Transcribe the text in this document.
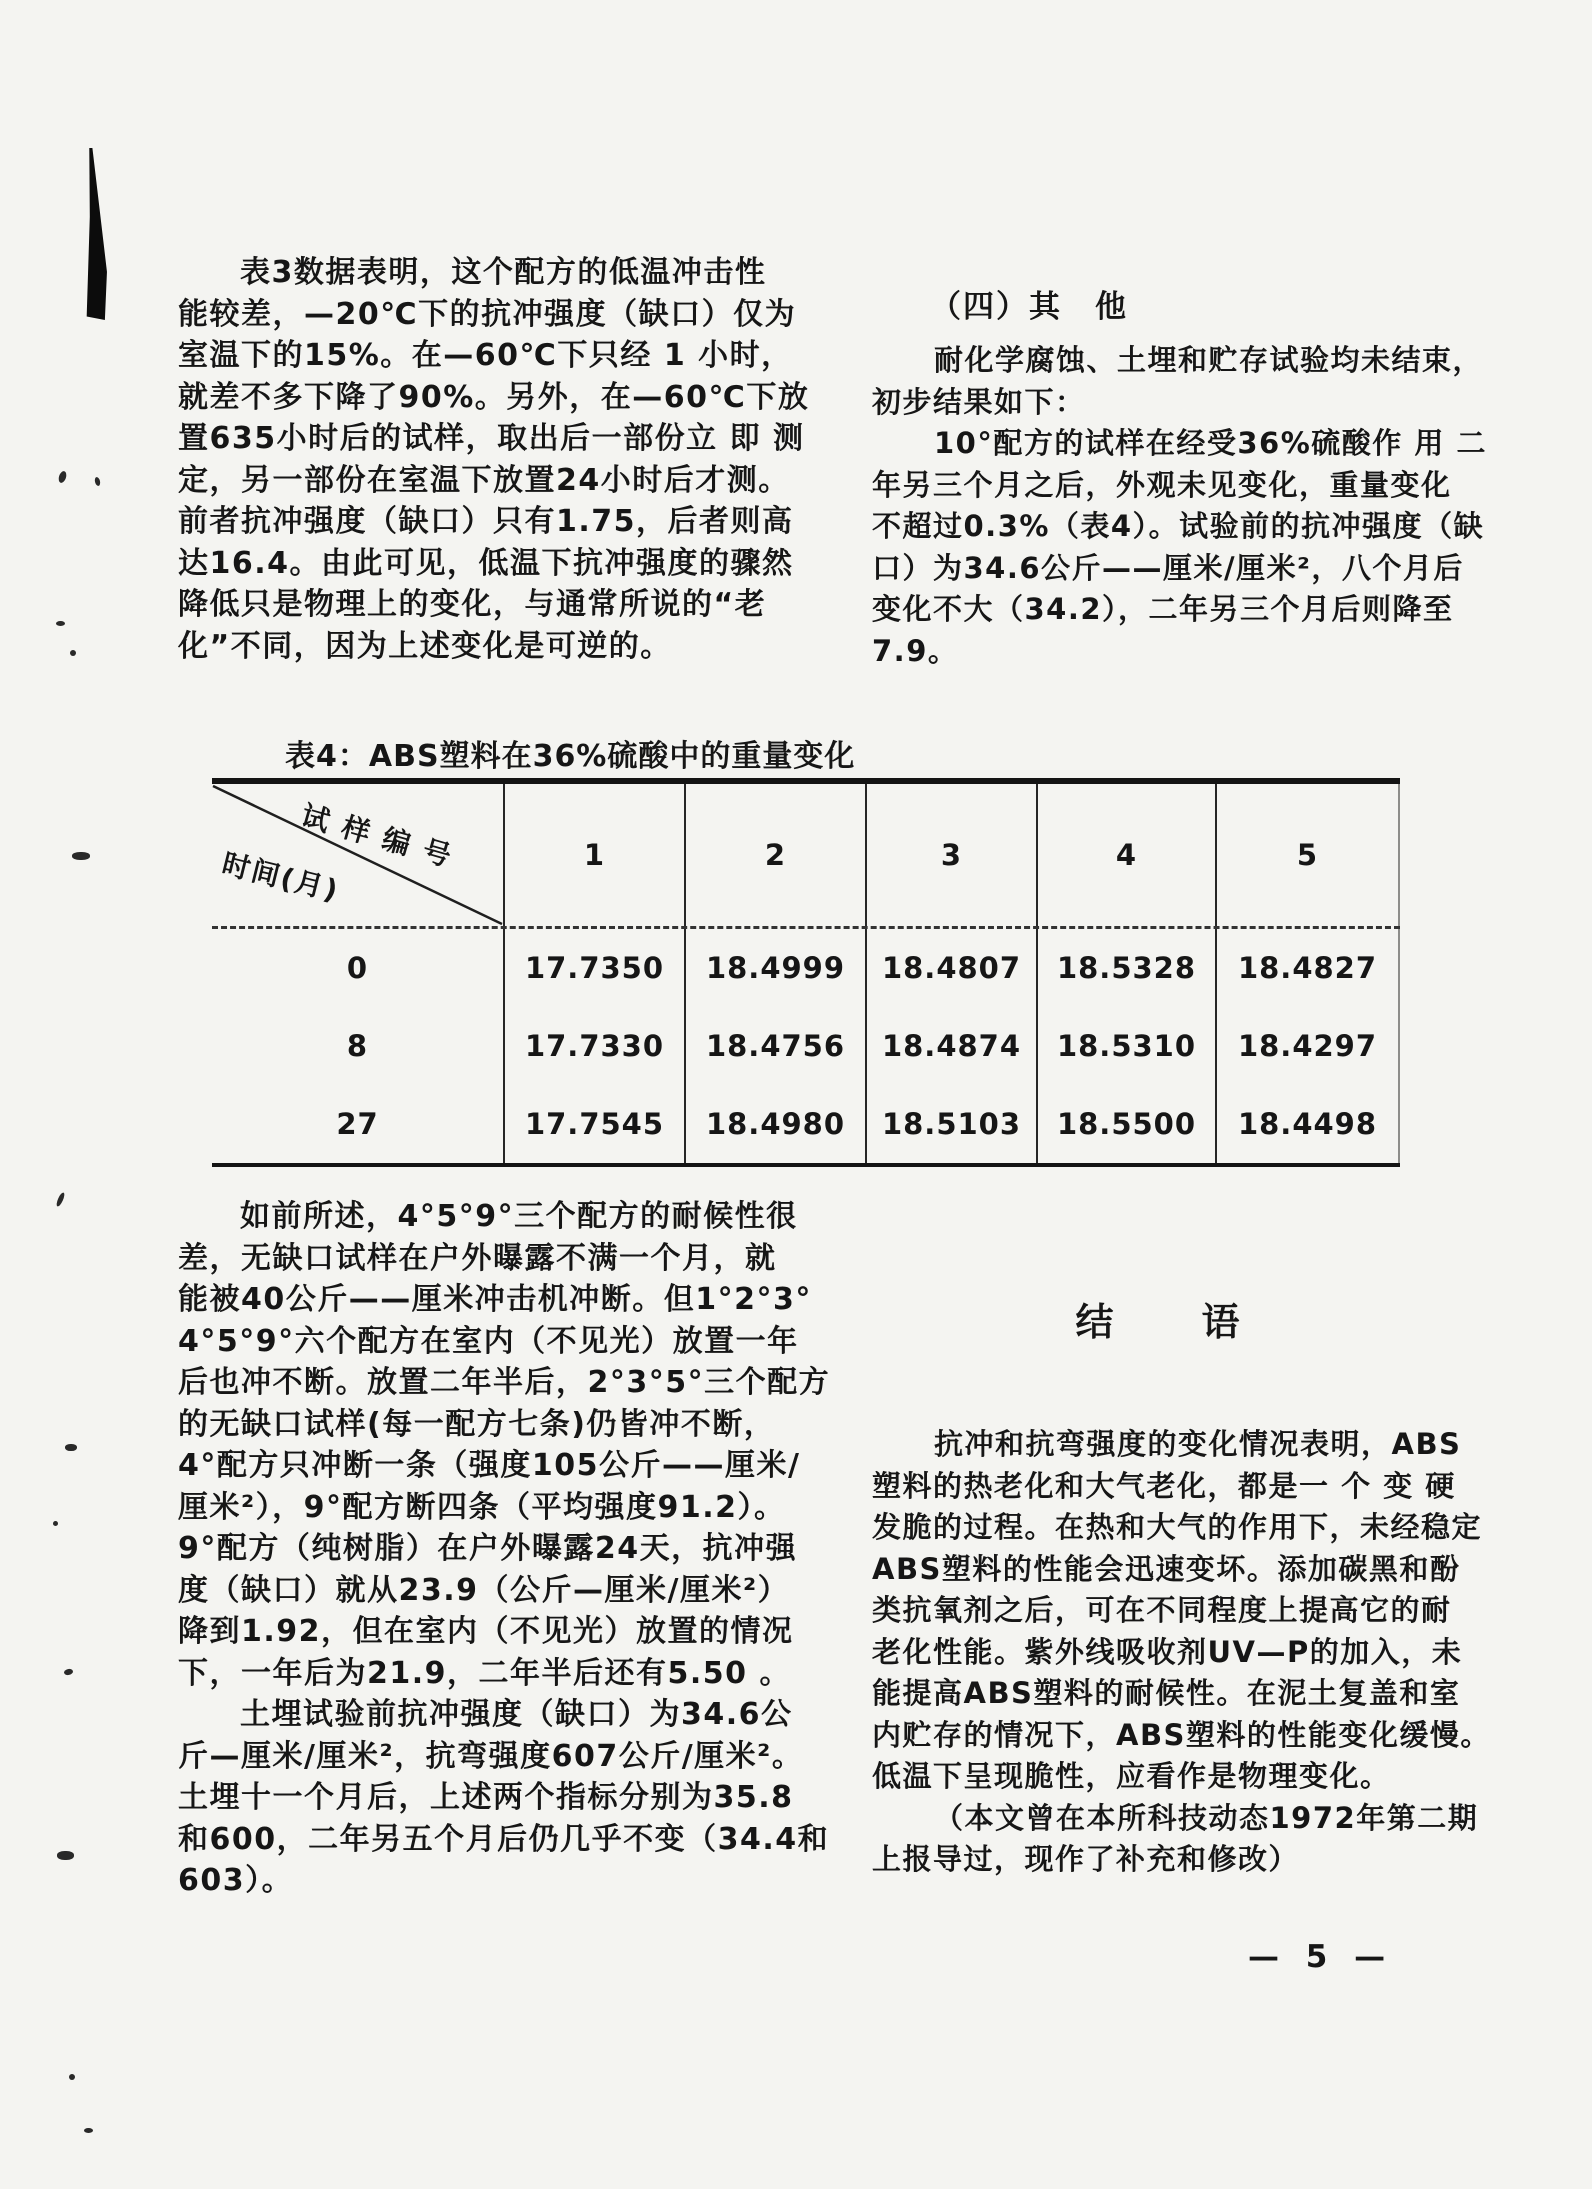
表3数据表明，这个配方的低温冲击性
能较差，—20℃下的抗冲强度（缺口）仅为
室温下的15%。在—60℃下只经 1 小时，
就差不多下降了90%。另外，在—60℃下放
置635小时后的试样，取出后一部份立 即 测
定，另一部份在室温下放置24小时后才测。
前者抗冲强度（缺口）只有1.75，后者则高
达16.4。由此可见，低温下抗冲强度的骤然
降低只是物理上的变化，与通常所说的“老
化”不同，因为上述变化是可逆的。
（四）其　他
耐化学腐蚀、土埋和贮存试验均未结束，
初步结果如下：
10°配方的试样在经受36%硫酸作 用 二
年另三个月之后，外观未见变化，重量变化
不超过0.3%（表4）。试验前的抗冲强度（缺
口）为34.6公斤——厘米/厘米²，八个月后
变化不大（34.2），二年另三个月后则降至
7.9。
表4：ABS塑料在36%硫酸中的重量变化
试样编号
时间(月)	1	2	3	4	5
0	17.7350	18.4999	18.4807	18.5328	18.4827
8	17.7330	18.4756	18.4874	18.5310	18.4297
27	17.7545	18.4980	18.5103	18.5500	18.4498
如前所述，4°5°9°三个配方的耐候性很
差，无缺口试样在户外曝露不满一个月，就
能被40公斤——厘米冲击机冲断。但1°2°3°
4°5°9°六个配方在室内（不见光）放置一年
后也冲不断。放置二年半后，2°3°5°三个配方
的无缺口试样(每一配方七条)仍皆冲不断，
4°配方只冲断一条（强度105公斤——厘米/
厘米²），9°配方断四条（平均强度91.2）。
9°配方（纯树脂）在户外曝露24天，抗冲强
度（缺口）就从23.9（公斤—厘米/厘米²）
降到1.92，但在室内（不见光）放置的情况
下，一年后为21.9，二年半后还有5.50 。
土埋试验前抗冲强度（缺口）为34.6公
斤—厘米/厘米²，抗弯强度607公斤/厘米²。
土埋十一个月后，上述两个指标分别为35.8
和600，二年另五个月后仍几乎不变（34.4和
603）。
结　　语
抗冲和抗弯强度的变化情况表明，ABS
塑料的热老化和大气老化，都是一 个 变 硬
发脆的过程。在热和大气的作用下，未经稳定
ABS塑料的性能会迅速变坏。添加碳黑和酚
类抗氧剂之后，可在不同程度上提高它的耐
老化性能。紫外线吸收剂UV—P的加入，未
能提高ABS塑料的耐候性。在泥土复盖和室
内贮存的情况下，ABS塑料的性能变化缓慢。
低温下呈现脆性，应看作是物理变化。
（本文曾在本所科技动态1972年第二期
上报导过，现作了补充和修改）
— 5 —
